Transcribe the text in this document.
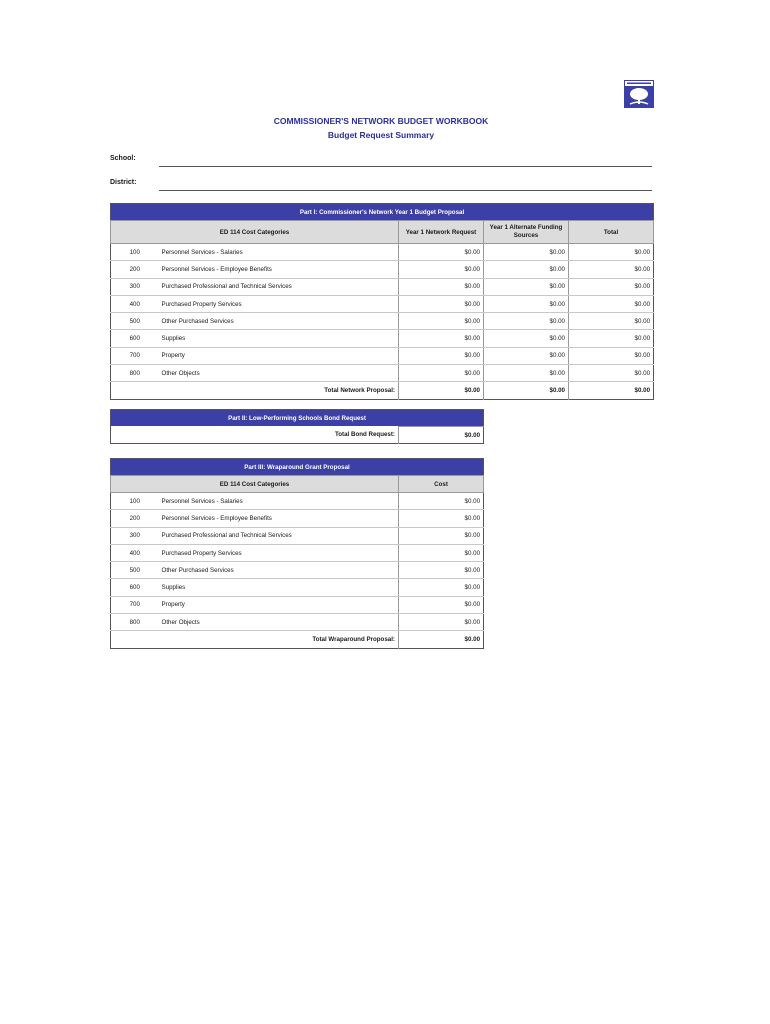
COMMISSIONER'S NETWORK BUDGET WORKBOOK
Budget Request Summary
School:
District:
Part I: Commissioner's Network Year 1 Budget Proposal				
ED 114 Cost Categories		Year 1 Network Request	Year 1 Alternate Funding Sources	Total
100	Personnel Services - Salaries	$0.00	$0.00	$0.00
200	Personnel Services - Employee Benefits	$0.00	$0.00	$0.00
300	Purchased Professional and Technical Services	$0.00	$0.00	$0.00
400	Purchased Property Services	$0.00	$0.00	$0.00
500	Other Purchased Services	$0.00	$0.00	$0.00
600	Supplies	$0.00	$0.00	$0.00
700	Property	$0.00	$0.00	$0.00
800	Other Objects	$0.00	$0.00	$0.00
Total Network Proposal:		$0.00	$0.00	$0.00
Part II: Low-Performing Schools Bond Request
Total Bond Request:	$0.00
Part III: Wraparound Grant Proposal		
ED 114 Cost Categories		Cost
100	Personnel Services - Salaries	$0.00
200	Personnel Services - Employee Benefits	$0.00
300	Purchased Professional and Technical Services	$0.00
400	Purchased Property Services	$0.00
500	Other Purchased Services	$0.00
600	Supplies	$0.00
700	Property	$0.00
800	Other Objects	$0.00
Total Wraparound Proposal:		$0.00
